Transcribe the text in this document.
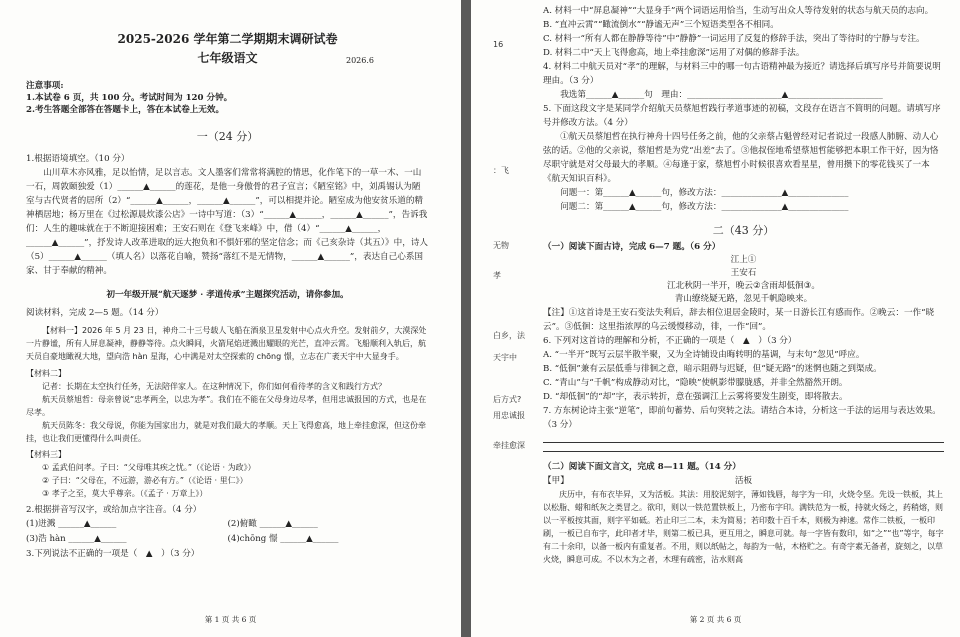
2025-2026 学年第二学期期末调研试卷

七年级语文	2026.6

注意事项:

1.本试卷 6 页，共 100 分。考试时间为 120 分钟。

2.考生答题全部答在答题卡上，答在本试卷上无效。

一（24 分）

1.根据语境填空。（10 分）

山川草木亦风雅，足以怡情，足以言志。文人墨客们常常将满腔的情思，化作笔下的一草一木、一山一石，周敦颐独爱（1）______▲______的莲花，是他一身傲骨的君子宣言；《陋室铭》中，刘禹锡认为陋室与古代贤者的居所（2）“______▲______，______▲______”，可以相提并论。陋室成为他安贫乐道的精神栖居地；杨万里在《过松源晨炊漆公店》一诗中写道：（3）“______▲______，______▲______”，告诉我们：人生的趣味就在于不断迎接困难；王安石则在《登飞来峰》中，借（4）“______▲______，______▲______”，抒发诗人改革进取的远大抱负和不惧奸邪的坚定信念；而《己亥杂诗（其五）》中，诗人（5）______▲______（填人名）以落花自喻，赞扬“落红不是无情物，______▲______”，表达自己心系国家、甘于奉献的精神。

初一年级开展“航天逐梦 · 孝道传承”主题探究活动，请你参加。

阅读材料，完成 2—5 题。（14 分）

【材料一】2026 年 5 月 23 日，神舟二十三号载人飞船在酒泉卫星发射中心点火升空。发射前夕，大漠深处一片静谧，所有人屏息凝神，静静等待。点火瞬间，火箭尾焰迸溅出耀眼的光芒，直冲云霄。飞船顺利入轨后，航天员自豪地瞰视大地，望向浩 hàn 星海，心中满是对太空探索的 chōng 憬，立志在广袤天宇中大显身手。

【材料二】

记者：长期在太空执行任务，无法陪伴家人。在这种情况下，你们如何看待孝的含义和践行方式？

航天员蔡旭哲：母亲曾说“忠孝两全，以忠为孝”。我们在不能在父母身边尽孝，但用忠诚报国的方式，也是在尽孝。

航天员陈冬：我父母说，你能为国家出力，就是对我们最大的孝顺。天上飞得愈高，地上牵挂愈深，但这份牵挂，也让我们更懂得什么叫责任。

【材料三】

① 孟武伯问孝。子曰：“父母唯其疾之忧。”（《论语 · 为政》）

② 子曰：“父母在，不远游，游必有方。”（《论语 · 里仁》）

③ 孝子之至，莫大乎尊亲。（《孟子 · 万章上》）

2.根据拼音写汉字，或给加点字注音。（4 分）

(1)迸溅 ______▲______	(2)俯瞰 ______▲______
(3)浩 hàn ______▲______	(4)chōng 憬 ______▲______

3.下列说法不正确的一项是（　▲　）（3 分）

第 1 页 共 6 页

16
：飞
无物
孝
白乡，法
天宇中
后方式?
用忠诚报
牵挂愈深

A. 材料一中“屏息凝神”“大显身手”两个词语运用恰当，生动写出众人等待发射的状态与航天员的志向。

B. “直冲云霄”“瞰流倒水”“静谧无声”三个短语类型各不相同。

C. 材料一“所有人都在静静等待”中“静静”一词运用了反复的修辞手法，突出了等待时的宁静与专注。

D. 材料二中“天上飞得愈高，地上牵挂愈深”运用了对偶的修辞手法。

4. 材料二中航天员对“孝”的理解，与材料三中的哪一句古语精神最为接近？请选择后填写序号并简要说明理由。（3 分）

我选第______▲______句　理由：______________________▲______________________

5. 下面这段文字是某同学介绍航天员蔡旭哲践行孝道事迹的初稿，文段存在语言不简明的问题。请填写序号并修改方法。（4 分）

①航天员蔡旭哲在执行神舟十四号任务之前，他的父亲蔡占魁曾经对记者说过一段感人肺腑、动人心弦的话。②他的父亲说，蔡旭哲是为党“出差”去了。③他叔侄地希望蔡旭哲能够把本职工作干好，因为恪尽职守就是对父母最大的孝顺。④每逢于家，蔡旭哲小时候很喜欢看星星，曾用攒下的零花钱买了一本《航天知识百科》。

问题一：第______▲______句，修改方法：______________▲______________

问题二：第______▲______句，修改方法：______________▲______________

二（43 分）

（一）阅读下面古诗，完成 6—7 题。（6 分）

江上①

王安石

江北秋阴一半开，晚云②含雨却低徊③。

青山缭绕疑无路，忽见千帆隐映来。

【注】①这首诗是王安石变法失利后，辞去相位退居金陵时，某一日游长江有感而作。②晚云：一作“晓云”。③低徊：这里指浓厚的乌云缓慢移动，徘，一作“回”。

6. 下列对这首诗的理解和分析，不正确的一项是（　▲　）（3 分）

A. “一半开”既写云层半散半聚，又为全诗铺设由晦转明的基调，与末句“忽见”呼应。

B. “低徊”兼有云层低垂与徘徊之意，暗示阻碍与迟疑，但“疑无路”的迷惘也随之到渠成。

C. “青山”与“千帆”构成静动对比，“隐映”使帆影带朦胧感，并非全然豁然开朗。

D. “却低徊”的“却”字，表示转折，意在强调江上云雾将要发生剧变，即将散去。

7. 方东树论诗主张“逆笔”，即前句蓄势、后句突转之法。请结合本诗，分析这一手法的运用与表达效果。（3 分）

（二）阅读下面文言文，完成 8—11 题。（14 分）

【甲】	活板

庆历中，有布衣毕昇，又为活板。其法：用胶泥刻字，薄如钱唇，每字为一印，火烧令坚。先设一铁板，其上以松脂、蜡和纸灰之类冒之。欲印，则以一铁范置铁板上，乃密布字印。满铁范为一板，持就火炀之，药稍熔，则以一平板按其面，则字平如砥。若止印三二本，未为简易；若印数十百千本，则极为神速。常作二铁板，一板印刷，一板已自布字，此印者才毕，则第二板已具，更互用之，瞬息可就。每一字皆有数印，如“之”“也”等字，每字有二十余印，以备一板内有重复者。不用，则以纸帖之，每韵为一帖，木格贮之。有奇字素无备者，旋刻之，以草火烧，瞬息可成。不以木为之者，木理有疏密，沾水则高

第 2 页 共 6 页
